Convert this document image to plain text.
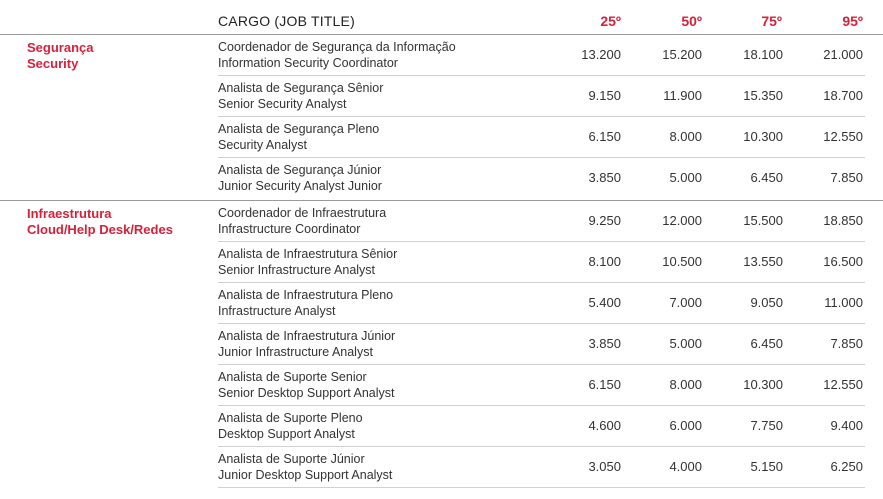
CARGO (JOB TITLE)	25º	50º	75º	95º
Segurança
Security
Coordenador de Segurança da Informação
Information Security Coordinator
13.200	15.200	18.100	21.000
Analista de Segurança Sênior
Senior Security Analyst
9.150	11.900	15.350	18.700
Analista de Segurança Pleno
Security Analyst
6.150	8.000	10.300	12.550
Analista de Segurança Júnior
Junior Security Analyst Junior
3.850	5.000	6.450	7.850
Infraestrutura
Cloud/Help Desk/Redes
Coordenador de Infraestrutura
Infrastructure Coordinator
9.250	12.000	15.500	18.850
Analista de Infraestrutura Sênior
Senior Infrastructure Analyst
8.100	10.500	13.550	16.500
Analista de Infraestrutura Pleno
Infrastructure Analyst
5.400	7.000	9.050	11.000
Analista de Infraestrutura Júnior
Junior Infrastructure Analyst
3.850	5.000	6.450	7.850
Analista de Suporte Senior
Senior Desktop Support Analyst
6.150	8.000	10.300	12.550
Analista de Suporte Pleno
Desktop Support Analyst
4.600	6.000	7.750	9.400
Analista de Suporte Júnior
Junior Desktop Support Analyst
3.050	4.000	5.150	6.250
